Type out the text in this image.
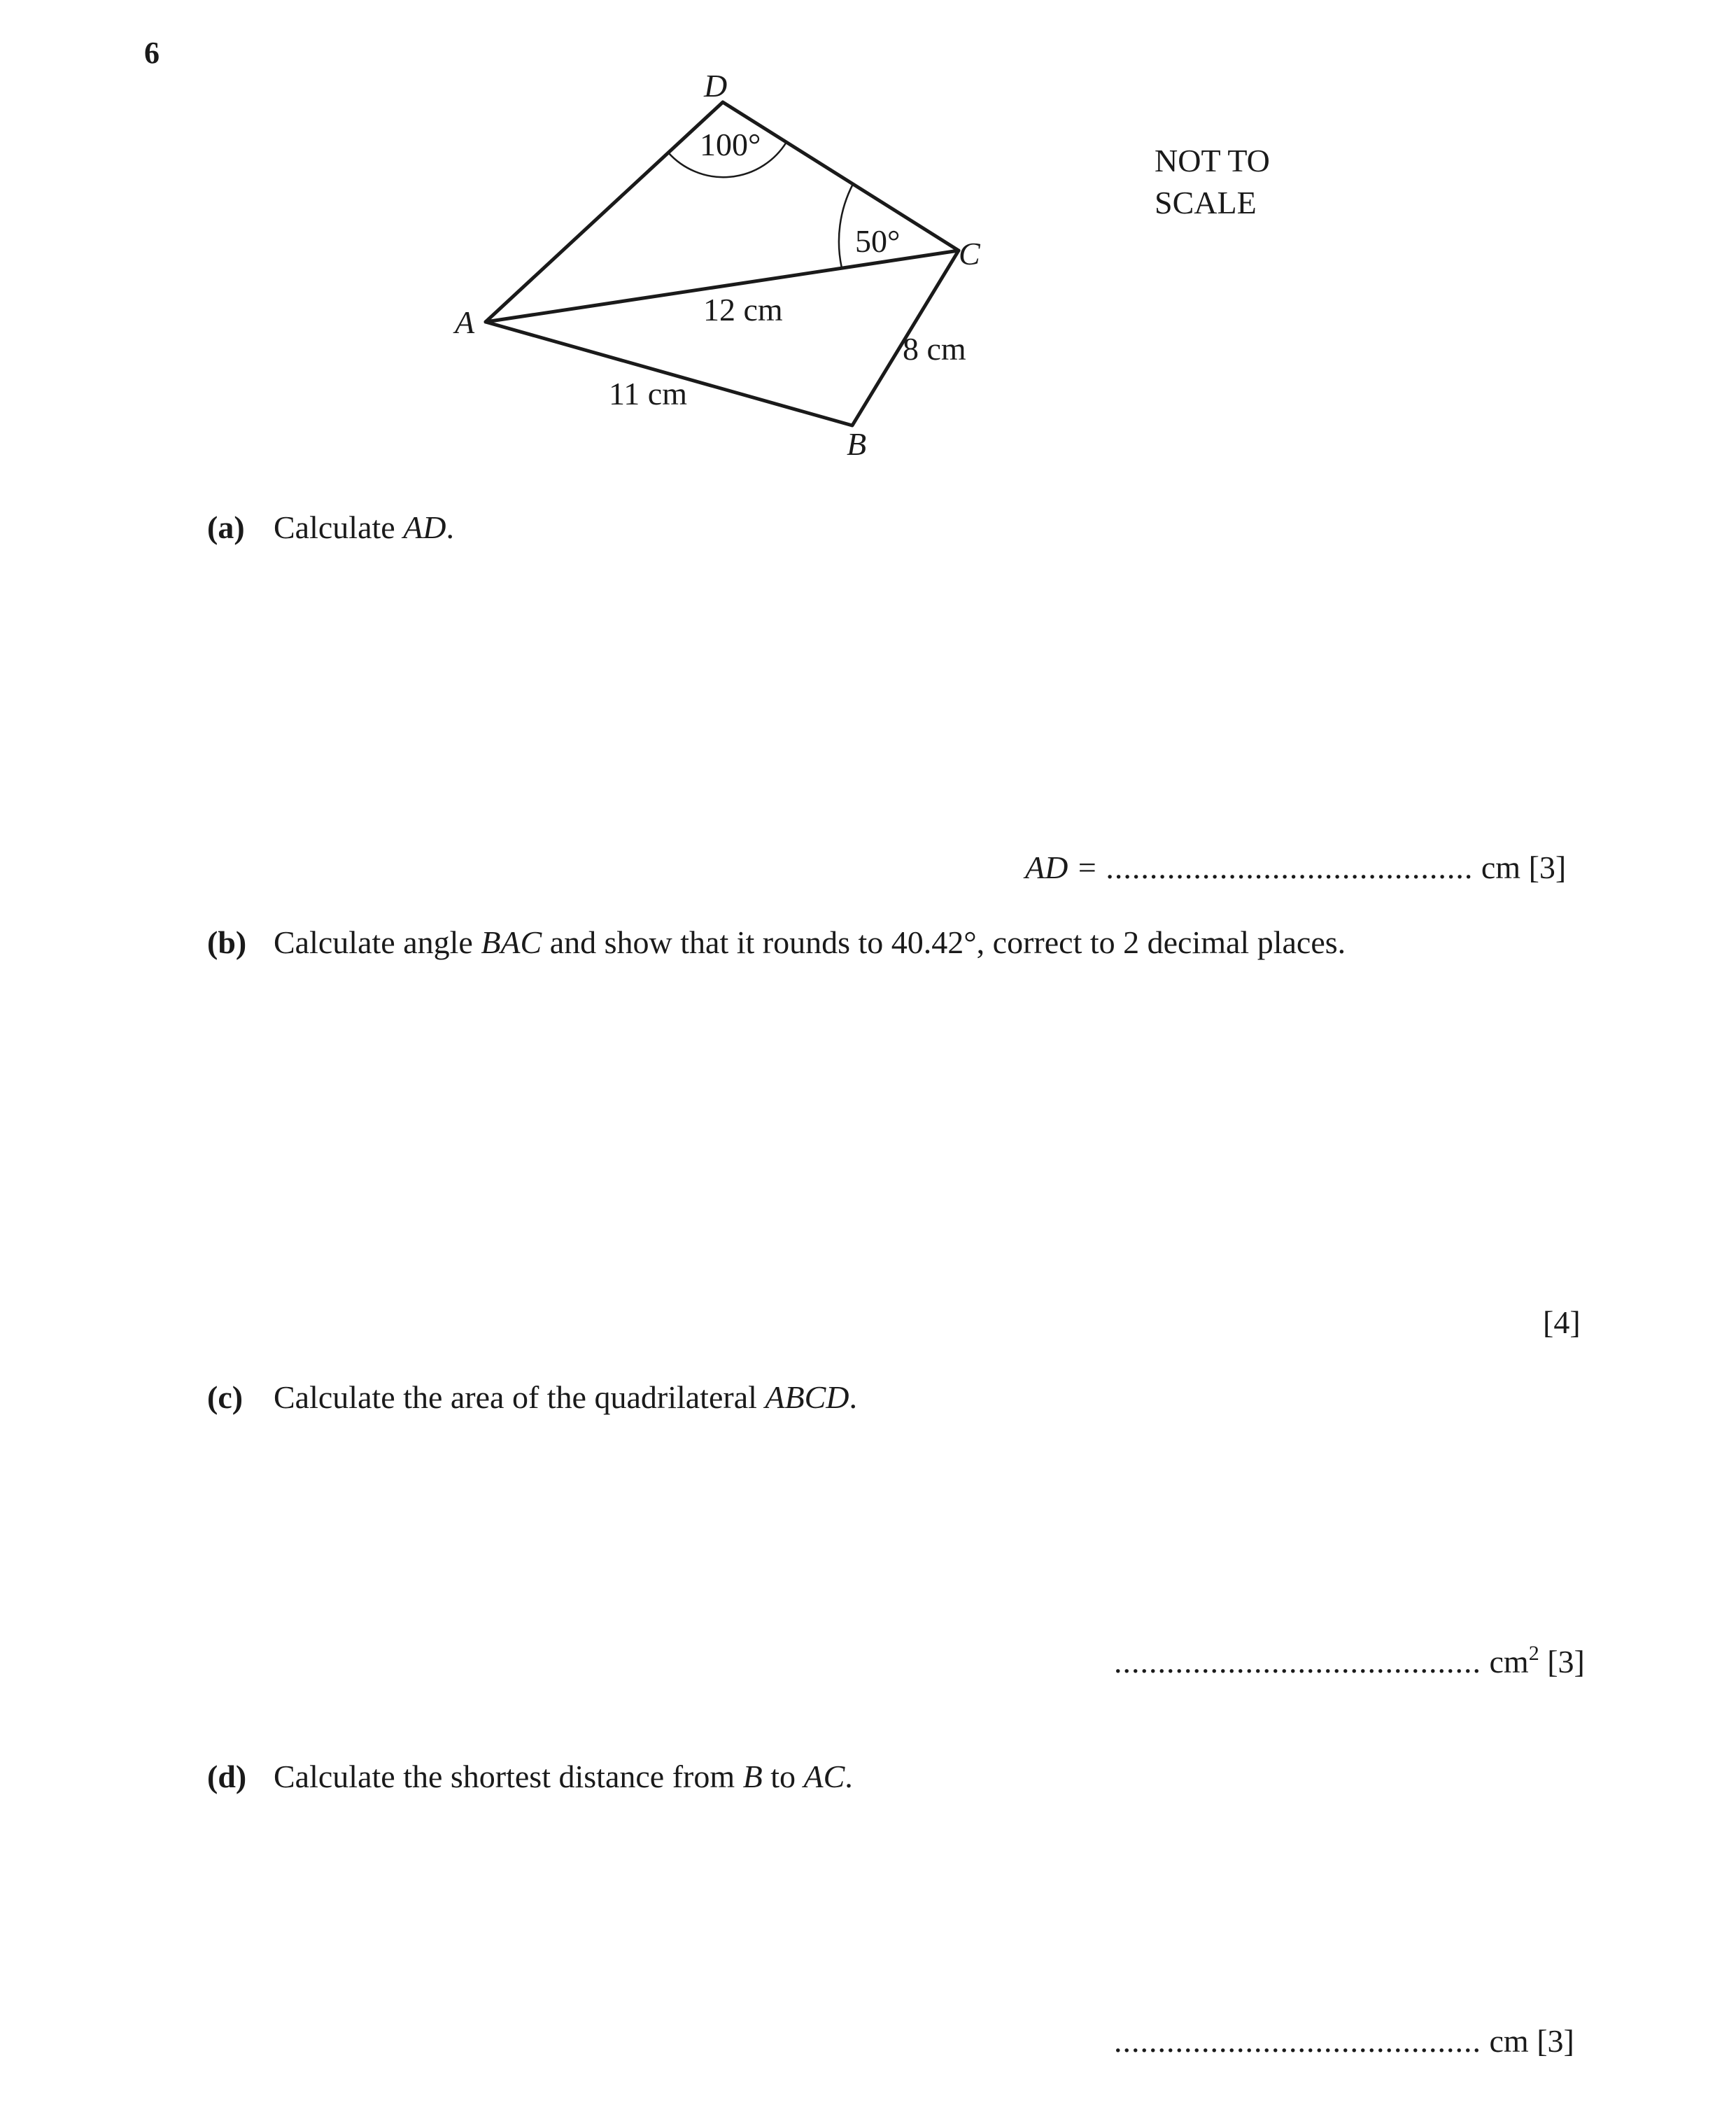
6
D
C
A
B
100°
50°
12 cm
11 cm
8 cm
NOT TO
SCALE
(a) Calculate AD.
AD = .......................................... cm [3]
(b) Calculate angle BAC and show that it rounds to 40.42°, correct to 2 decimal places.
[4]
(c) Calculate the area of the quadrilateral ABCD.
.......................................... $cm^2$ [3]
(d) Calculate the shortest distance from B to AC.
.......................................... cm [3]
